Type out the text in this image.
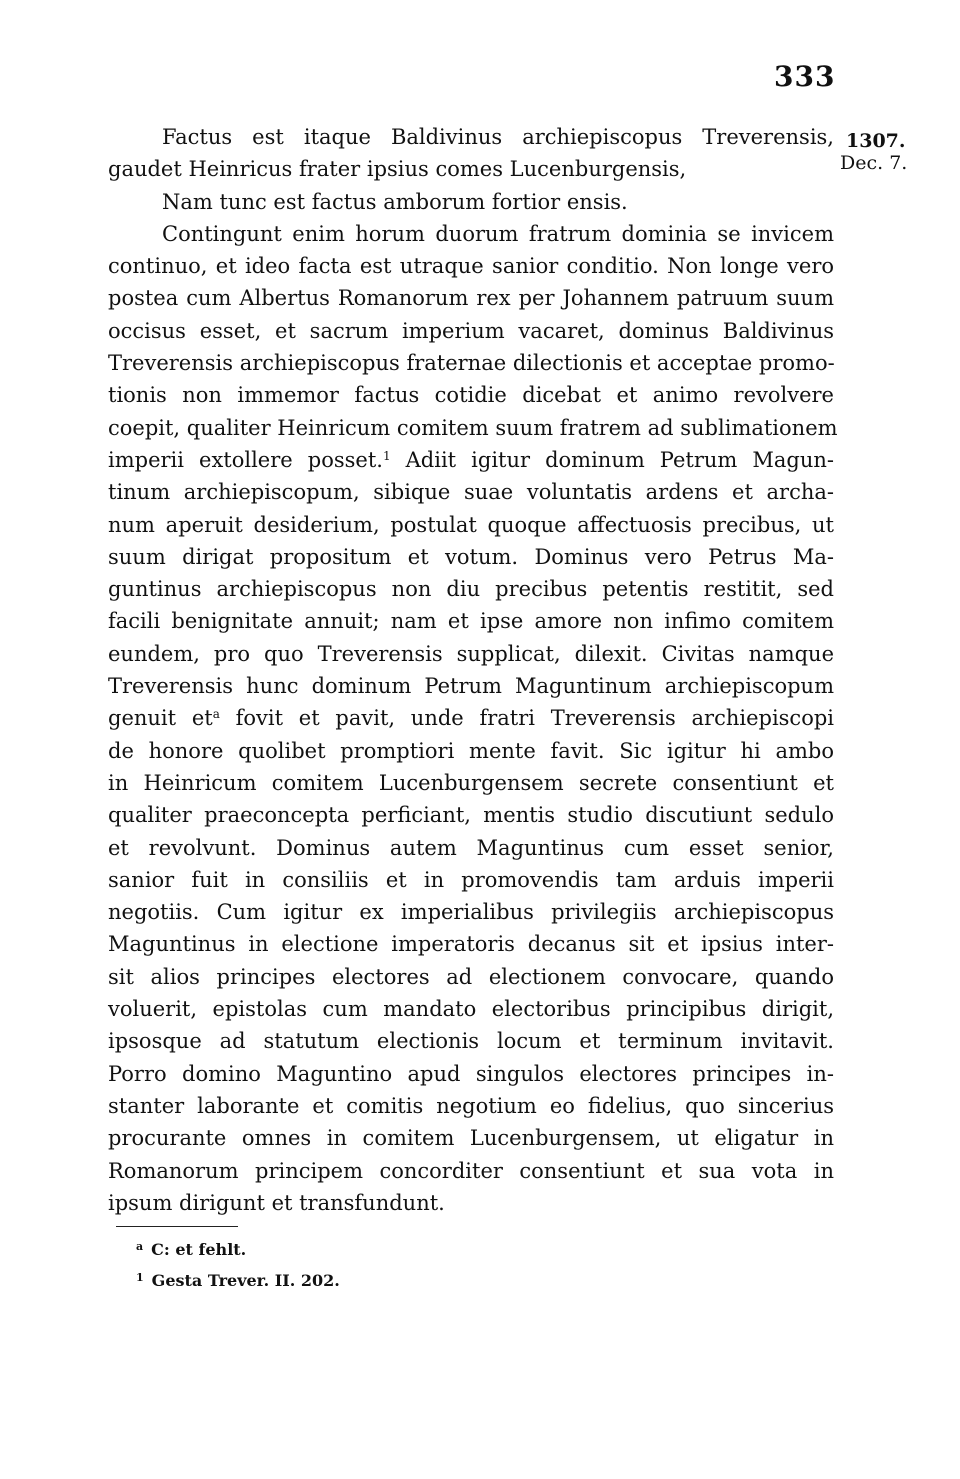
333
1307.
Dec. 7.
Factus est itaque Baldivinus archiepiscopus Treverensis,
gaudet Heinricus frater ipsius comes Lucenburgensis,
Nam tunc est factus amborum fortior ensis.
Contingunt enim horum duorum fratrum dominia se invicem
continuo, et ideo facta est utraque sanior conditio. Non longe vero
postea cum Albertus Romanorum rex per Johannem patruum suum
occisus esset, et sacrum imperium vacaret, dominus Baldivinus
Treverensis archiepiscopus fraternae dilectionis et acceptae promo-
tionis non immemor factus cotidie dicebat et animo revolvere
coepit, qualiter Heinricum comitem suum fratrem ad sublimationem
imperii extollere posset.$^1$ Adiit igitur dominum Petrum Magun-
tinum archiepiscopum, sibique suae voluntatis ardens et archa-
num aperuit desiderium, postulat quoque affectuosis precibus, ut
suum dirigat propositum et votum. Dominus vero Petrus Ma-
guntinus archiepiscopus non diu precibus petentis restitit, sed
facili benignitate annuit; nam et ipse amore non infimo comitem
eundem, pro quo Treverensis supplicat, dilexit. Civitas namque
Treverensis hunc dominum Petrum Maguntinum archiepiscopum
genuit $et^a$ fovit et pavit, unde fratri Treverensis archiepiscopi
de honore quolibet promptiori mente favit. Sic igitur hi ambo
in Heinricum comitem Lucenburgensem secrete consentiunt et
qualiter praeconcepta perficiant, mentis studio discutiunt sedulo
et revolvunt. Dominus autem Maguntinus cum esset senior,
sanior fuit in consiliis et in promovendis tam arduis imperii
negotiis. Cum igitur ex imperialibus privilegiis archiepiscopus
Maguntinus in electione imperatoris decanus sit et ipsius inter-
sit alios principes electores ad electionem convocare, quando
voluerit, epistolas cum mandato electoribus principibus dirigit,
ipsosque ad statutum electionis locum et terminum invitavit.
Porro domino Maguntino apud singulos electores principes in-
stanter laborante et comitis negotium eo fidelius, quo sincerius
procurante omnes in comitem Lucenburgensem, ut eligatur in
Romanorum principem concorditer consentiunt et sua vota in
ipsum dirigunt et transfundunt.
$^a$ C: et fehlt.
$^1$ Gesta Trever. II. 202.
